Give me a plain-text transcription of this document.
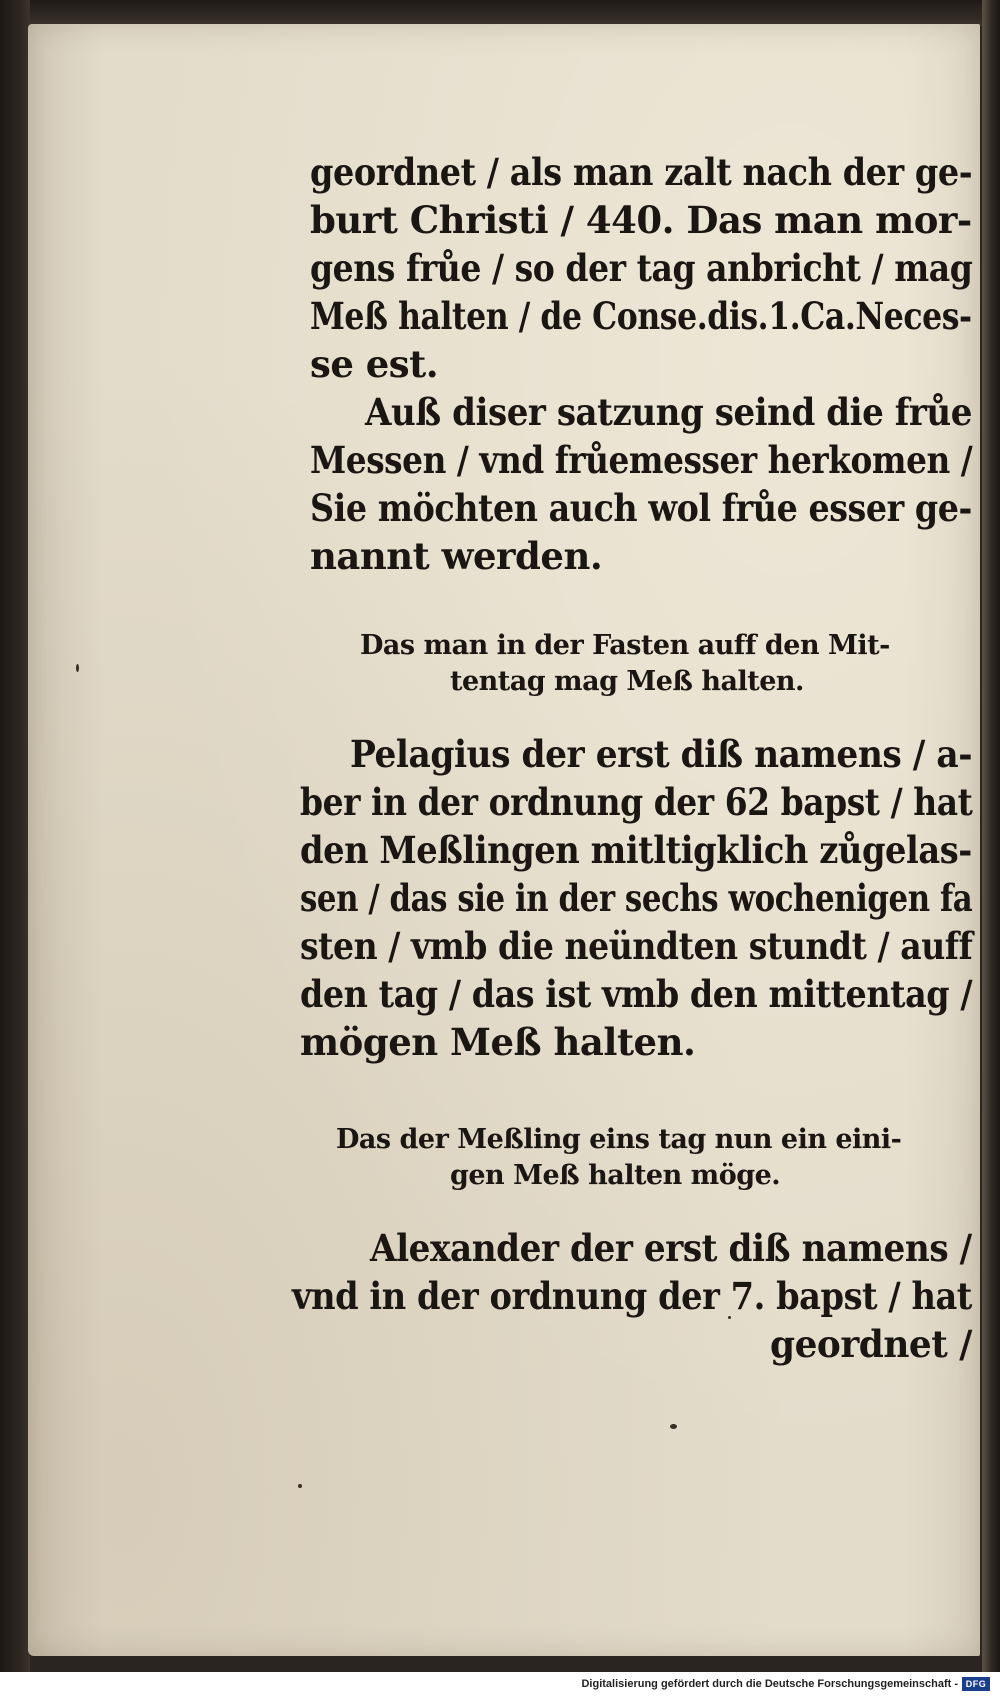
geordnet / als man zalt nach der ge-
burt Christi / 440. Das man mor-
gens frůe / so der tag anbricht / mag
Meß halten / de Conse.dis.1.Ca.Neces-
se est.
Auß diser satzung seind die frůe
Messen / vnd frůemesser herkomen /
Sie möchten auch wol frůe esser ge-
nannt werden.
Das man in der Fasten auff den Mit-
tentag mag Meß halten.
Pelagius der erst diß namens / a-
ber in der ordnung der 62 bapst / hat
den Meßlingen mitltigklich zůgelas-
sen / das sie in der sechs wochenigen fa
sten / vmb die neündten stundt / auff
den tag / das ist vmb den mittentag /
mögen Meß halten.
Das der Meßling eins tag nun ein eini-
gen Meß halten möge.
Alexander der erst diß namens /
vnd in der ordnung der 7. bapst / hat
geordnet /
Digitalisierung gefördert durch die Deutsche Forschungsgemeinschaft - DFG
